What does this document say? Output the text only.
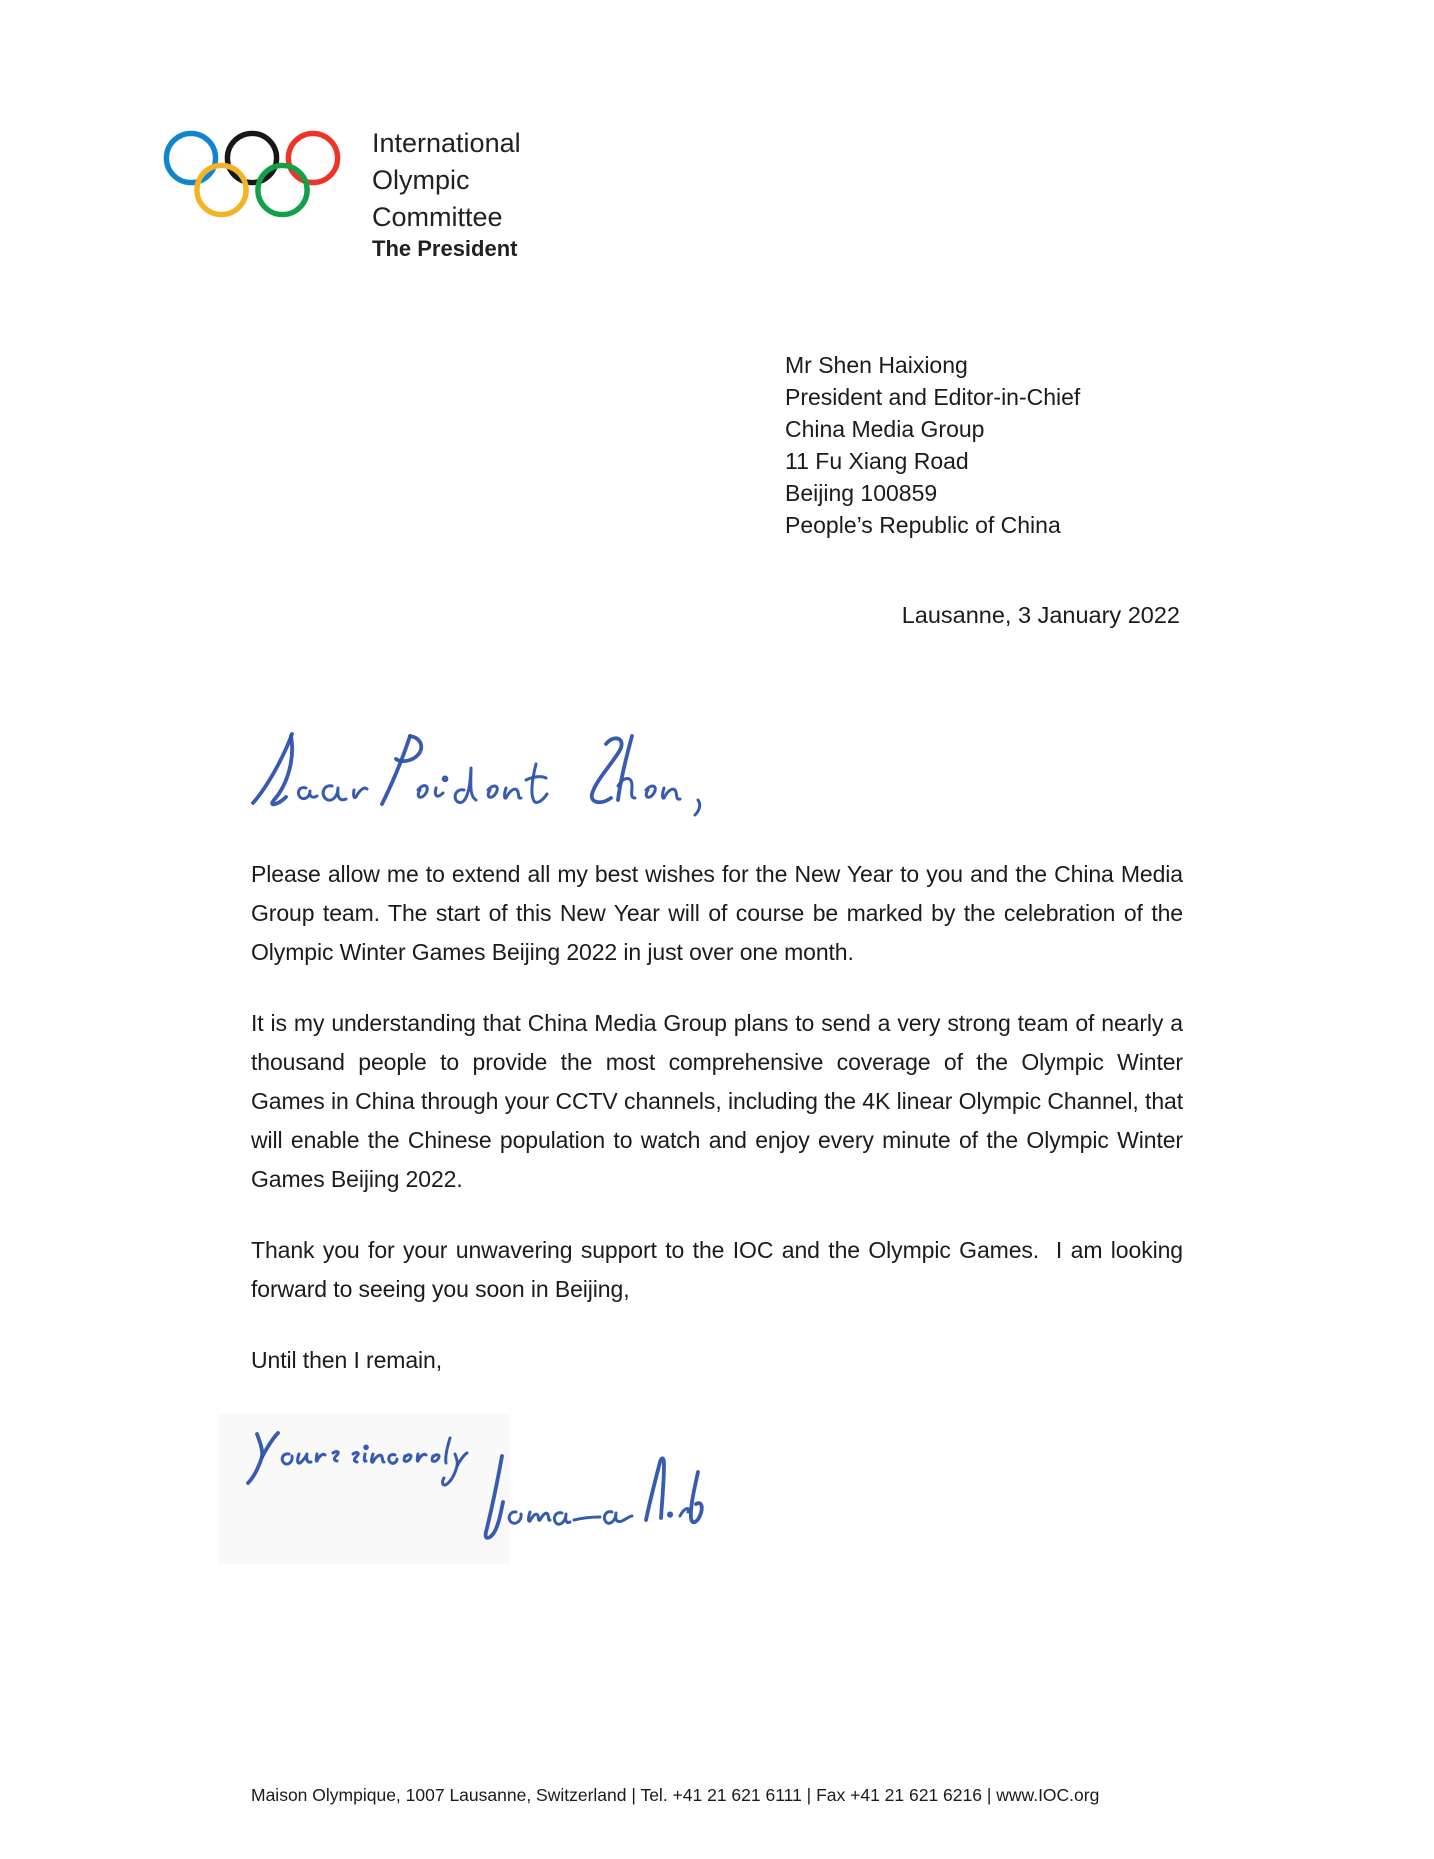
International
Olympic
Committee
The President
Mr Shen Haixiong
President and Editor-in-Chief
China Media Group
11 Fu Xiang Road
Beijing 100859
People’s Republic of China
Lausanne, 3 January 2022

Please allow me to extend all my best wishes for the New Year to you and the China Media Group team. The start of this New Year will of course be marked by the celebration of the Olympic Winter Games Beijing 2022 in just over one month.

It is my understanding that China Media Group plans to send a very strong team of nearly a thousand people to provide the most comprehensive coverage of the Olympic Winter Games in China through your CCTV channels, including the 4K linear Olympic Channel, that will enable the Chinese population to watch and enjoy every minute of the Olympic Winter Games Beijing 2022.

Thank you for your unwavering support to the IOC and the Olympic Games.  I am looking forward to seeing you soon in Beijing,

Until then I remain,

Maison Olympique, 1007 Lausanne, Switzerland | Tel. +41 21 621 6111 | Fax +41 21 621 6216 | www.IOC.org
